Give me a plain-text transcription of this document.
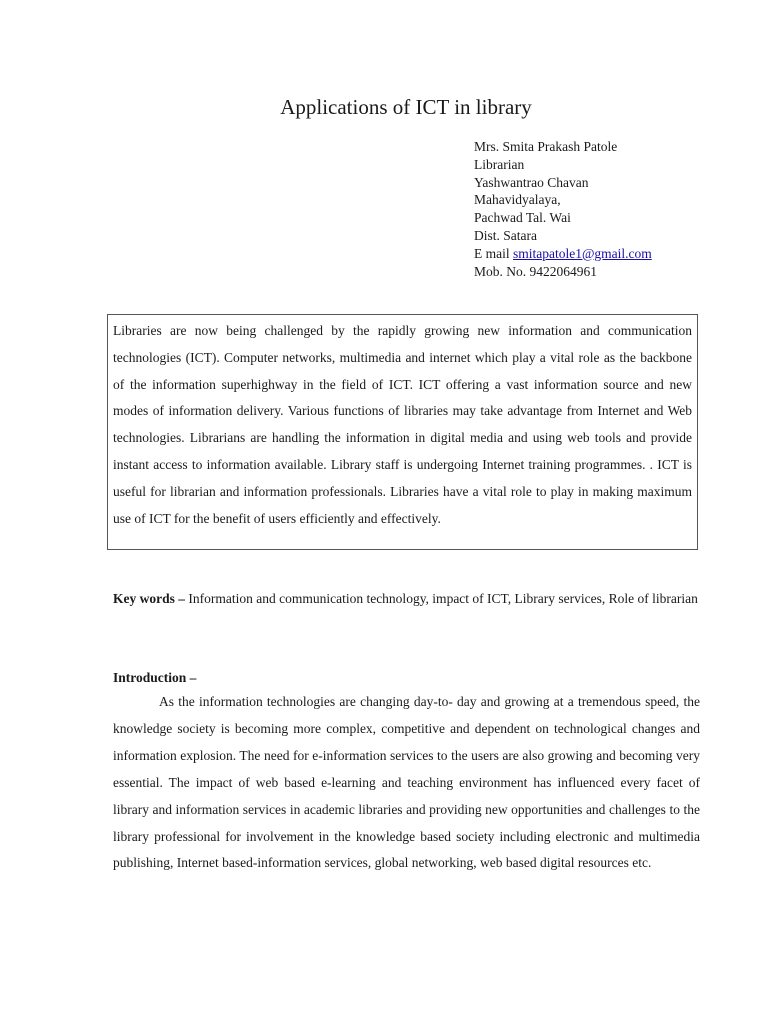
Applications of ICT in library
Mrs. Smita Prakash Patole
Librarian
Yashwantrao Chavan
Mahavidyalaya,
Pachwad Tal. Wai
Dist. Satara
E mail smitapatole1@gmail.com
Mob. No. 9422064961
Libraries are now being challenged by the rapidly growing new information and communication technologies (ICT). Computer networks, multimedia and internet which play a vital role as the backbone of the information superhighway in the field of ICT. ICT offering a vast information source and new modes of information delivery. Various functions of libraries may take advantage from Internet and Web technologies. Librarians are handling the information in digital media and using web tools and provide instant access to information available. Library staff is undergoing Internet training programmes. . ICT is useful for librarian and information professionals. Libraries have a vital role to play in making maximum use of ICT for the benefit of users efficiently and effectively.
Key words – Information and communication technology, impact of ICT, Library services, Role of librarian
Introduction –
As the information technologies are changing day-to- day and growing at a tremendous speed, the knowledge society is becoming more complex, competitive and dependent on technological changes and information explosion. The need for e-information services to the users are also growing and becoming very essential. The impact of web based e-learning and teaching environment has influenced every facet of library and information services in academic libraries and providing new opportunities and challenges to the library professional for involvement in the knowledge based society including electronic and multimedia publishing, Internet based-information services, global networking, web based digital resources etc.
